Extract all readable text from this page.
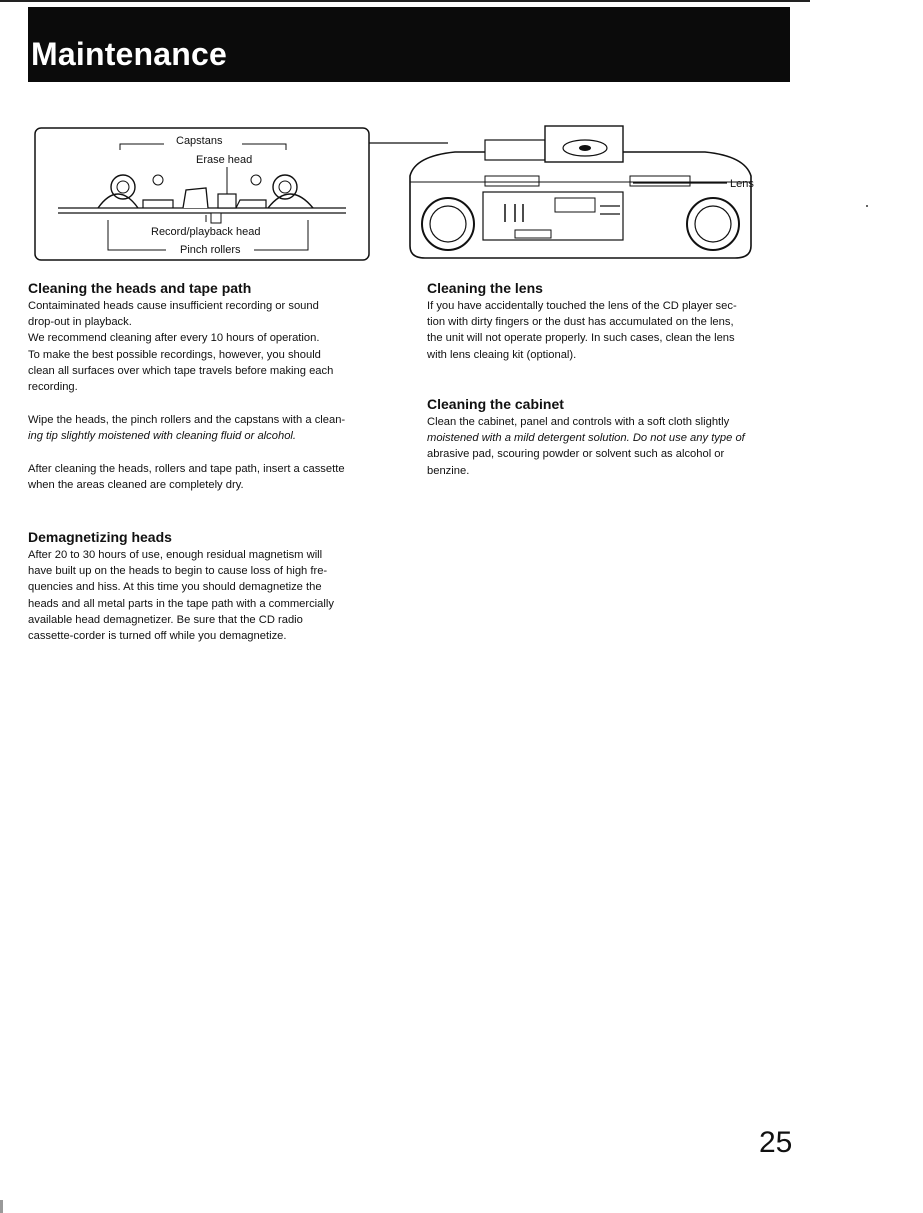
Maintenance
Capstans
Erase head
Record/playback head
Pinch rollers
Lens
Cleaning the heads and tape path

Contaiminated heads cause insufficient recording or sound
drop-out in playback.
We recommend cleaning after every 10 hours of operation.
To make the best possible recordings, however, you should
clean all surfaces over which tape travels before making each
recording.

Wipe the heads, the pinch rollers and the capstans with a clean-
ing tip slightly moistened with cleaning fluid or alcohol.

After cleaning the heads, rollers and tape path, insert a cassette
when the areas cleaned are completely dry.

Demagnetizing heads

After 20 to 30 hours of use, enough residual magnetism will
have built up on the heads to begin to cause loss of high fre-
quencies and hiss. At this time you should demagnetize the
heads and all metal parts in the tape path with a commercially
available head demagnetizer. Be sure that the CD radio
cassette-corder is turned off while you demagnetize.

Cleaning the lens

If you have accidentally touched the lens of the CD player sec-
tion with dirty fingers or the dust has accumulated on the lens,
the unit will not operate properly. In such cases, clean the lens
with lens cleaing kit (optional).

Cleaning the cabinet

Clean the cabinet, panel and controls with a soft cloth slightly
moistened with a mild detergent solution. Do not use any type of
abrasive pad, scouring powder or solvent such as alcohol or
benzine.

25
